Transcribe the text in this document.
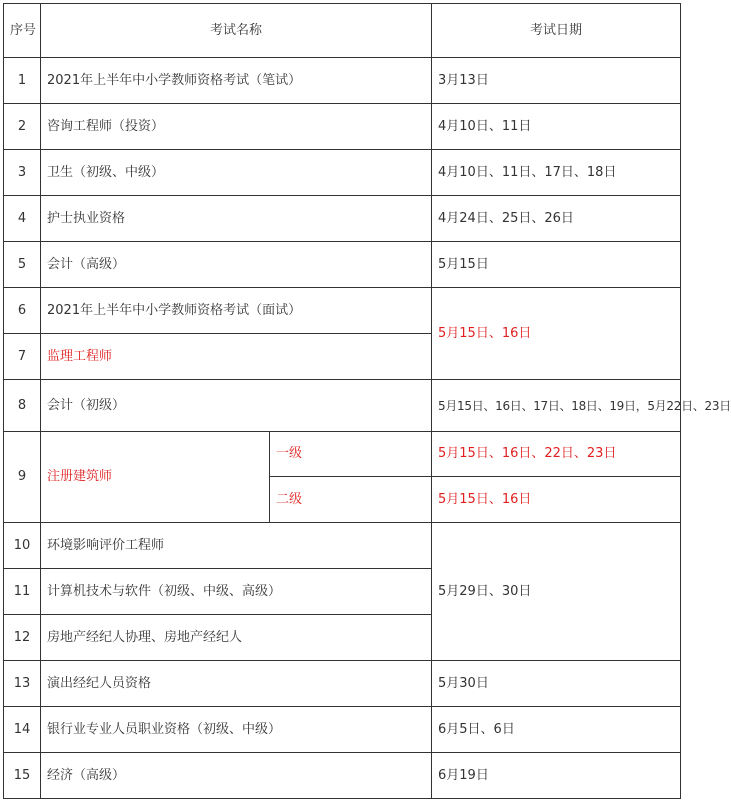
序号	考试名称		考试日期
1	2021年上半年中小学教师资格考试（笔试）		3月13日
2	咨询工程师（投资）		4月10日、11日
3	卫生（初级、中级）		4月10日、11日、17日、18日
4	护士执业资格		4月24日、25日、26日
5	会计（高级）		5月15日
6	2021年上半年中小学教师资格考试（面试）		5月15日、16日
7	监理工程师		
8	会计（初级）		5月15日、16日、17日、18日、19日，5月22日、23日
9	注册建筑师	一级	5月15日、16日、22日、23日
		二级	5月15日、16日
10	环境影响评价工程师		5月29日、30日
11	计算机技术与软件（初级、中级、高级）		
12	房地产经纪人协理、房地产经纪人		
13	演出经纪人员资格		5月30日
14	银行业专业人员职业资格（初级、中级）		6月5日、6日
15	经济（高级）		6月19日
